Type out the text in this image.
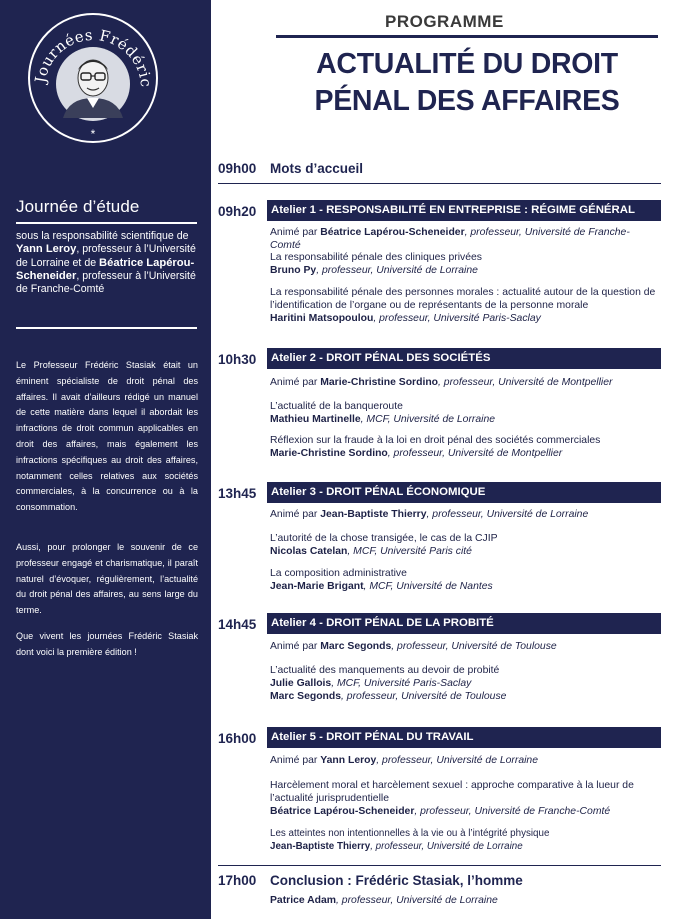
Journées Frédéric
*
Journée d’étude
sous la responsabilité scientifique de Yann Leroy, professeur à l’Université de Lorraine et de Béatrice Lapérou-Scheneider, professeur à l’Université de Franche-Comté
Le Professeur Frédéric Stasiak était un éminent spécialiste de droit pénal des affaires. Il avait d’ailleurs rédigé un manuel de cette matière dans lequel il abordait les infractions de droit commun applicables en droit des affaires, mais également les infractions spécifiques au droit des affaires, notamment celles relatives aux sociétés commerciales, à la concurrence ou à la consommation.
Aussi, pour prolonger le souvenir de ce professeur engagé et charismatique, il paraît naturel d’évoquer, régulièrement, l’actualité du droit pénal des affaires, au sens large du terme.
Que vivent les journées Frédéric Stasiak dont voici la première édition !
PROGRAMME
ACTUALITÉ DU DROIT
PÉNAL DES AFFAIRES
09h00 Mots d’accueil
09h20	Atelier 1 - RESPONSABILITÉ EN ENTREPRISE : RÉGIME GÉNÉRAL
Animé par Béatrice Lapérou-Scheneider, professeur, Université de Franche-Comté
La responsabilité pénale des cliniques privées
Bruno Py, professeur, Université de Lorraine
La responsabilité pénale des personnes morales : actualité autour de la question de l’identification de l’organe ou de représentants de la personne morale
Haritini Matsopoulou, professeur, Université Paris-Saclay
10h30	Atelier 2 - DROIT PÉNAL DES SOCIÉTÉS
Animé par Marie-Christine Sordino, professeur, Université de Montpellier
L’actualité de la banqueroute
Mathieu Martinelle, MCF, Université de Lorraine
Réflexion sur la fraude à la loi en droit pénal des sociétés commerciales
Marie-Christine Sordino, professeur, Université de Montpellier
13h45	Atelier 3 - DROIT PÉNAL ÉCONOMIQUE
Animé par Jean-Baptiste Thierry, professeur, Université de Lorraine
L’autorité de la chose transigée, le cas de la CJIP
Nicolas Catelan, MCF, Université Paris cité
La composition administrative
Jean-Marie Brigant, MCF, Université de Nantes
14h45	Atelier 4 - DROIT PÉNAL DE LA PROBITÉ
Animé par Marc Segonds, professeur, Université de Toulouse
L’actualité des manquements au devoir de probité
Julie Gallois, MCF, Université Paris-Saclay
Marc Segonds, professeur, Université de Toulouse
16h00	Atelier 5 - DROIT PÉNAL DU TRAVAIL
Animé par Yann Leroy, professeur, Université de Lorraine
Harcèlement moral et harcèlement sexuel : approche comparative à la lueur de l’actualité jurisprudentielle
Béatrice Lapérou-Scheneider, professeur, Université de Franche-Comté
Les atteintes non intentionnelles à la vie ou à l’intégrité physique
Jean-Baptiste Thierry, professeur, Université de Lorraine
17h00 Conclusion : Frédéric Stasiak, l’homme
Patrice Adam, professeur, Université de Lorraine
